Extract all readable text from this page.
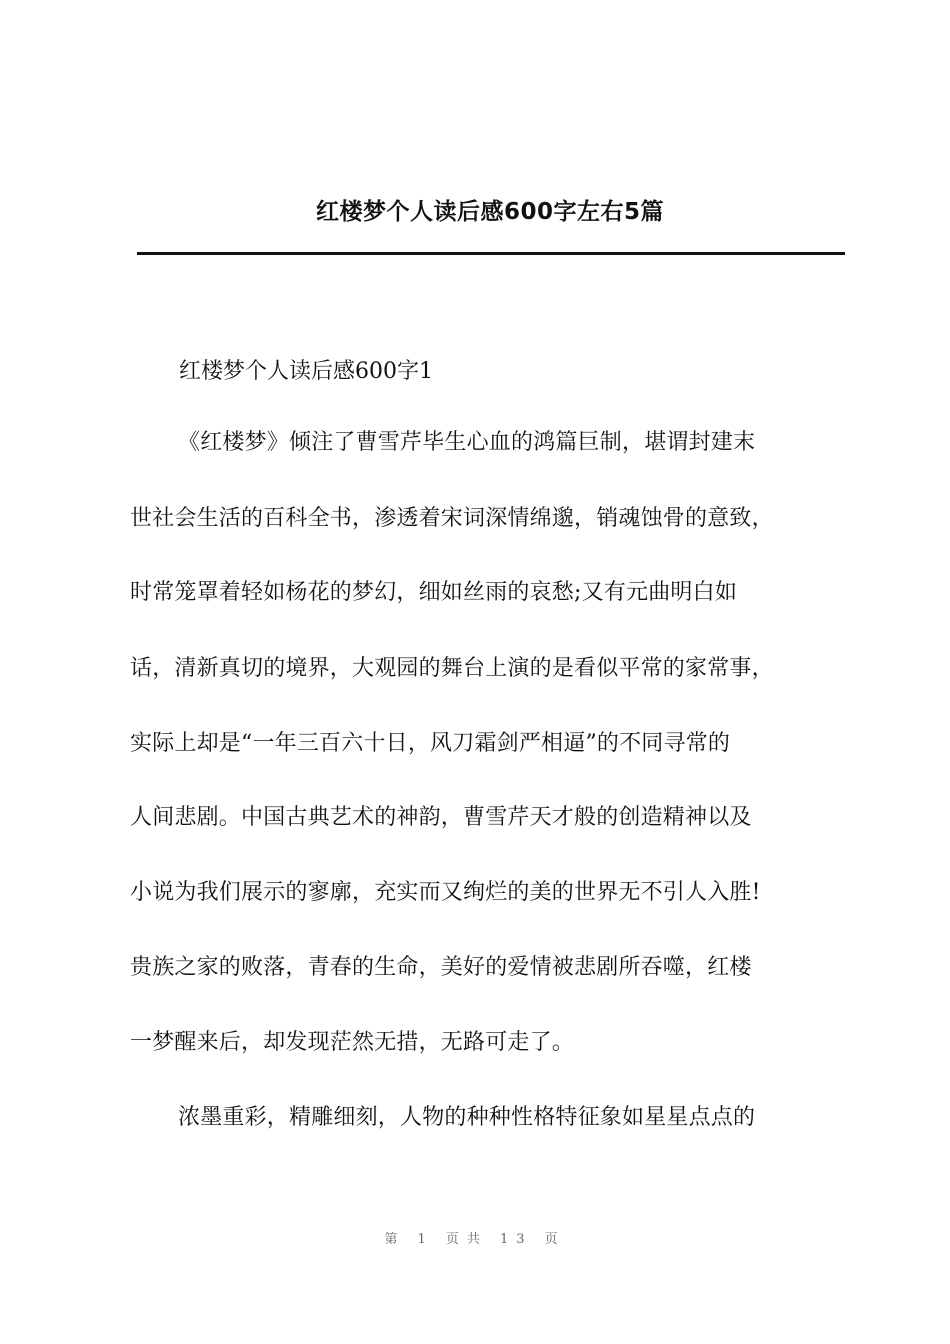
红楼梦个人读后感600字左右5篇
红楼梦个人读后感600字1
《红楼梦》倾注了曹雪芹毕生心血的鸿篇巨制，堪谓封建末
世社会生活的百科全书，渗透着宋词深情绵邈，销魂蚀骨的意致，
时常笼罩着轻如杨花的梦幻，细如丝雨的哀愁;又有元曲明白如
话，清新真切的境界，大观园的舞台上演的是看似平常的家常事，
实际上却是“一年三百六十日，风刀霜剑严相逼”的不同寻常的
人间悲剧。中国古典艺术的神韵，曹雪芹天才般的创造精神以及
小说为我们展示的寥廓，充实而又绚烂的美的世界无不引人入胜!
贵族之家的败落，青春的生命，美好的爱情被悲剧所吞噬，红楼
一梦醒来后，却发现茫然无措，无路可走了。
浓墨重彩，精雕细刻，人物的种种性格特征象如星星点点的
第 1 页共 13 页
